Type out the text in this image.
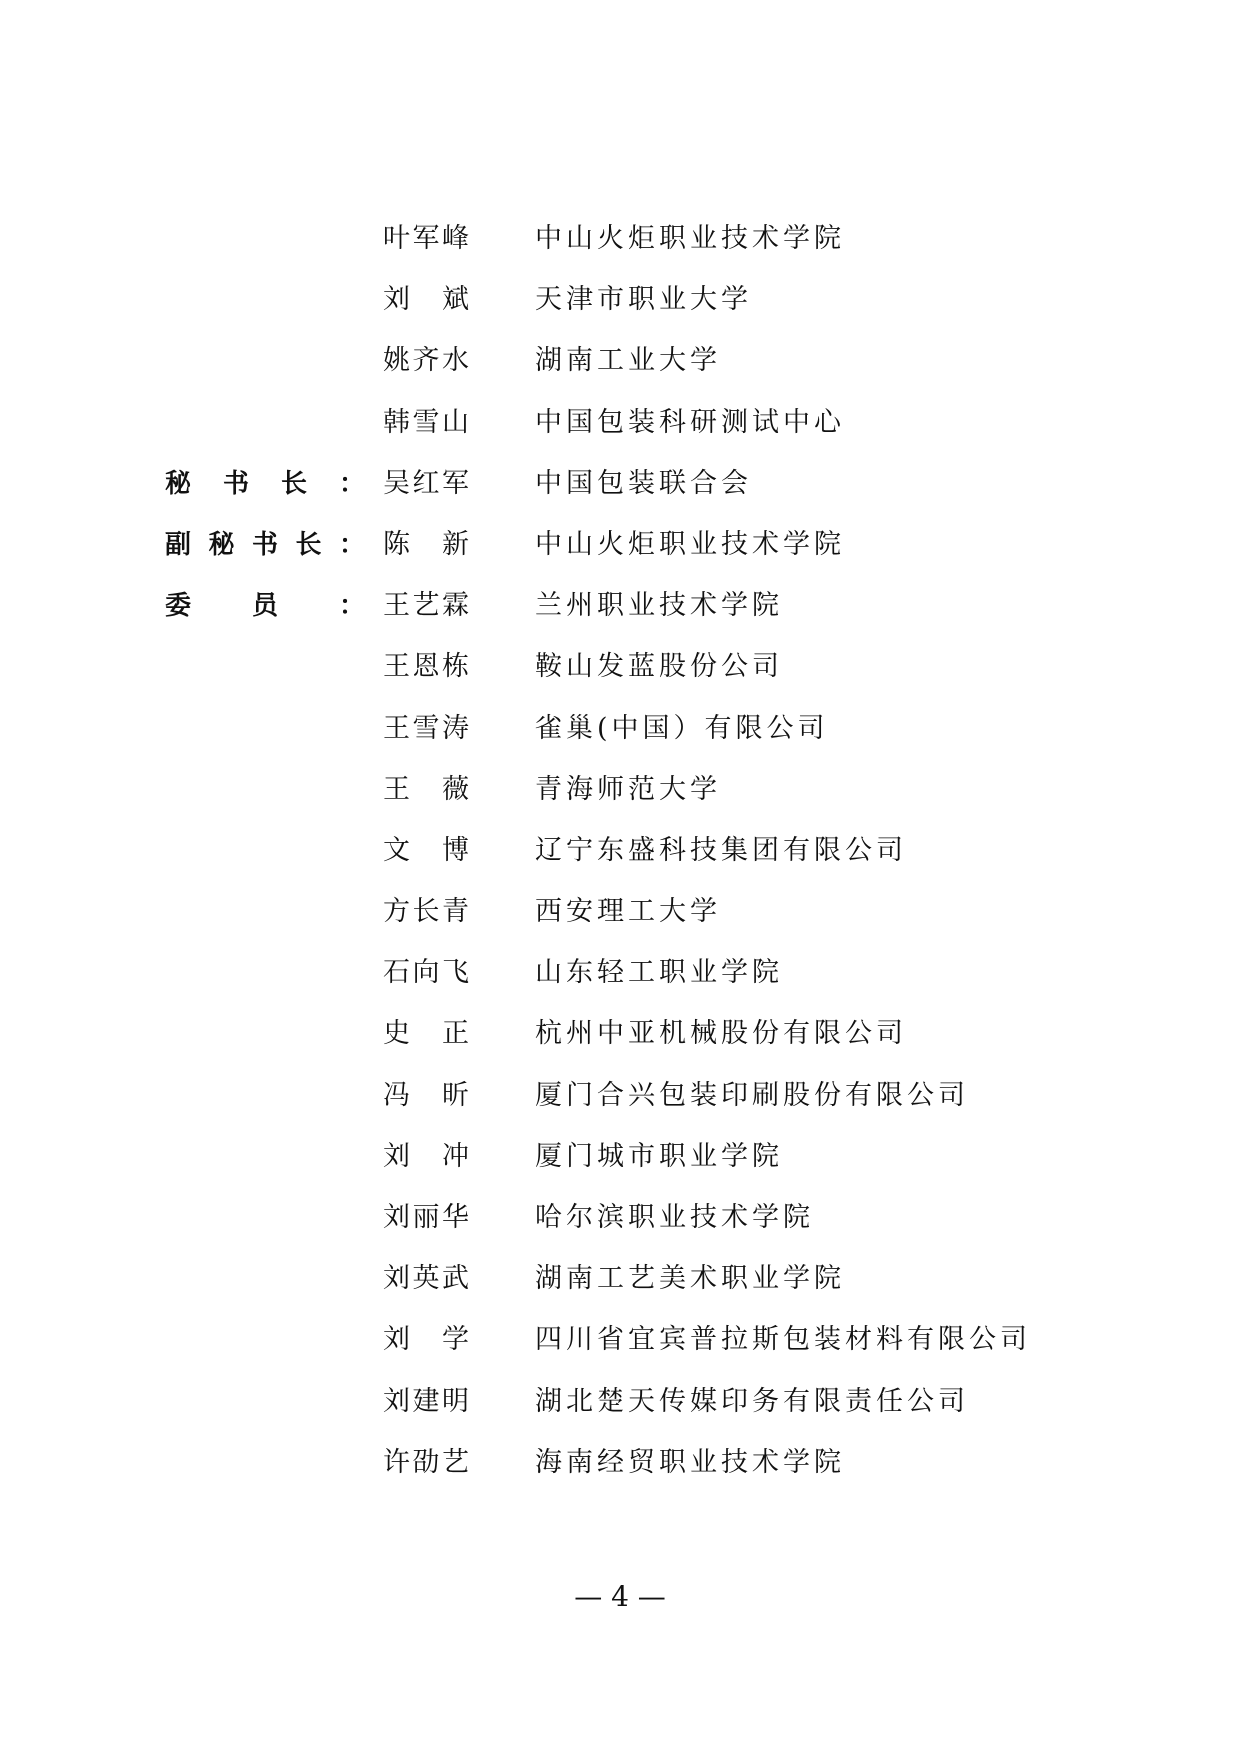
叶 军 峰 中山火炬职业技术学院
刘 斌 天津市职业大学
姚 齐 水 湖南工业大学
韩 雪 山 中国包装科研测试中心
秘 书 长 ： 吴 红 军 中国包装联合会
副 秘 书 长 ： 陈 新 中山火炬职业技术学院
委 员 ： 王 艺 霖 兰州职业技术学院
王 恩 栋 鞍山发蓝股份公司
王 雪 涛 雀巢(中国）有限公司
王 薇 青海师范大学
文 博 辽宁东盛科技集团有限公司
方 长 青 西安理工大学
石 向 飞 山东轻工职业学院
史 正 杭州中亚机械股份有限公司
冯 昕 厦门合兴包装印刷股份有限公司
刘 冲 厦门城市职业学院
刘 丽 华 哈尔滨职业技术学院
刘 英 武 湖南工艺美术职业学院
刘 学 四川省宜宾普拉斯包装材料有限公司
刘 建 明 湖北楚天传媒印务有限责任公司
许 劭 艺 海南经贸职业技术学院
— 4 —
